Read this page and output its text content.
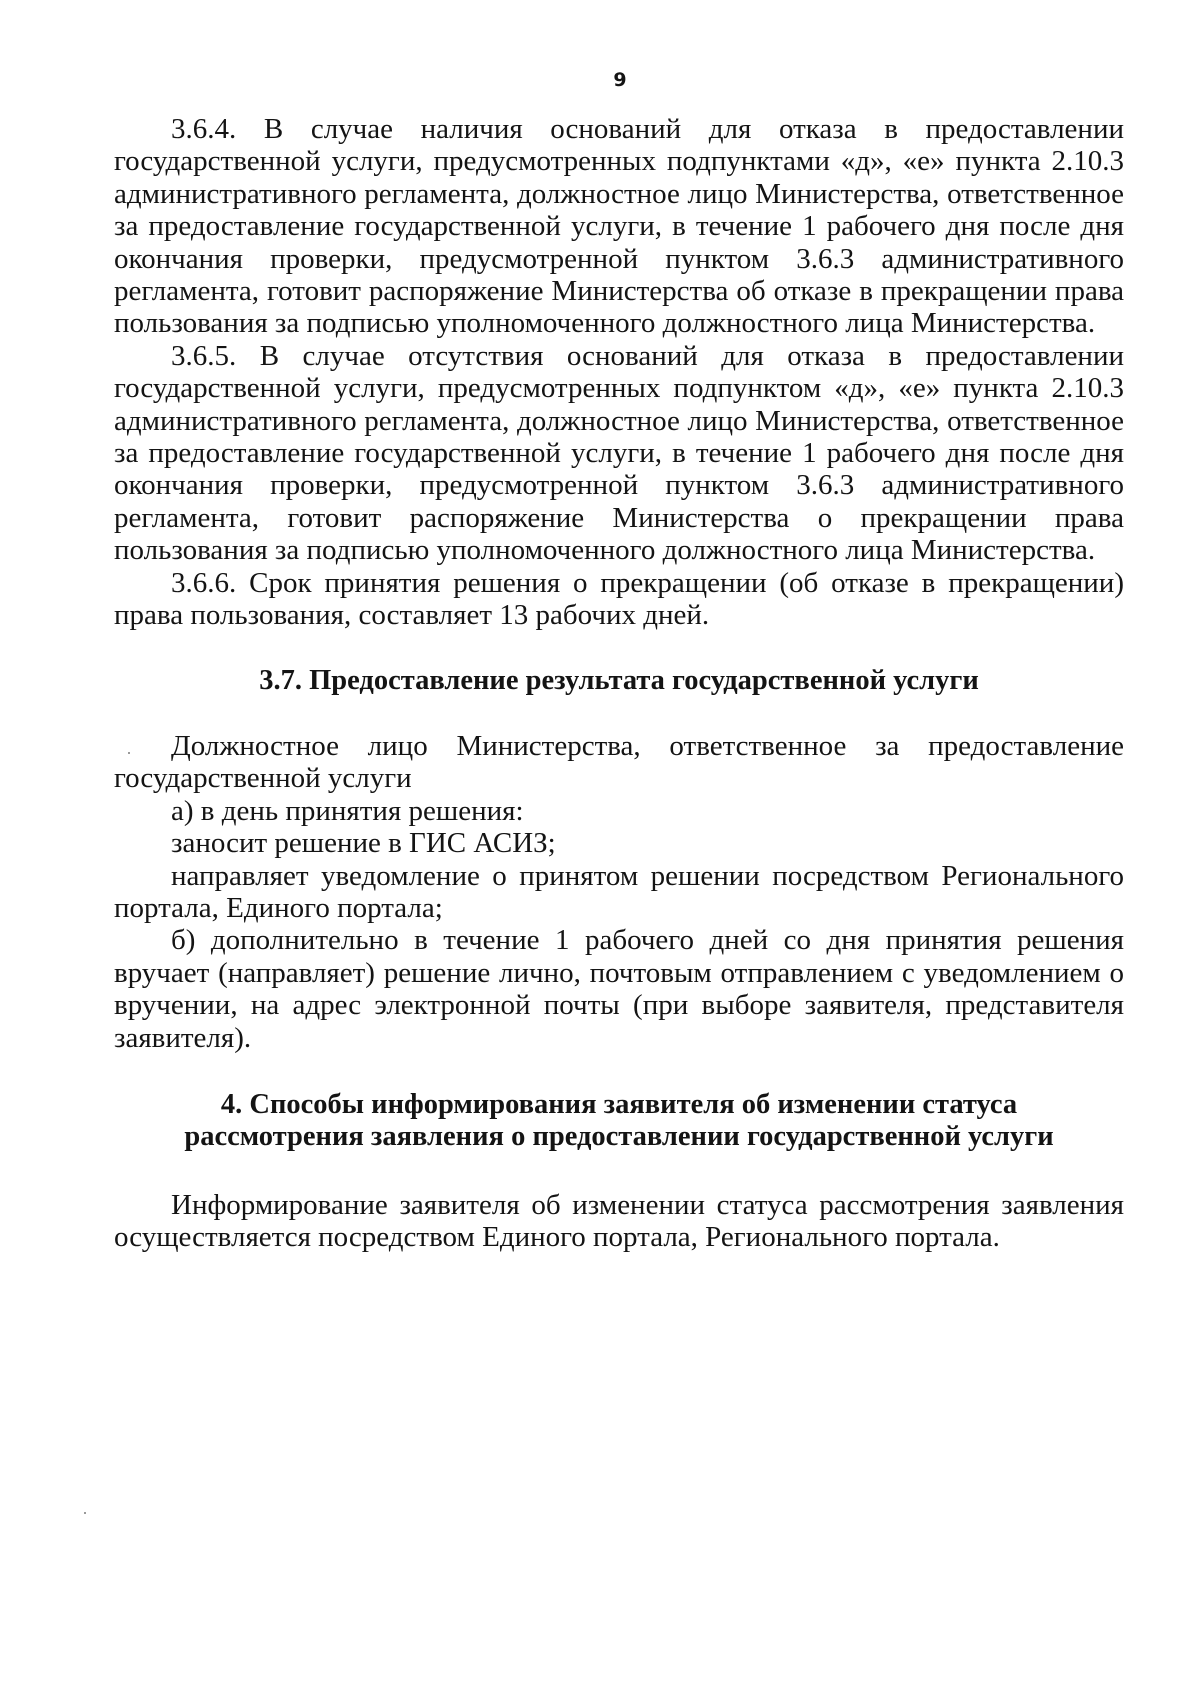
9

3.6.4. В случае наличия оснований для отказа в предоставлении государственной услуги, предусмотренных подпунктами «д», «е» пункта 2.10.3 административного регламента, должностное лицо Министерства, ответственное за предоставление государственной услуги, в течение 1 рабочего дня после дня окончания проверки, предусмотренной пунктом 3.6.3 административного регламента, готовит распоряжение Министерства об отказе в прекращении права пользования за подписью уполномоченного должностного лица Министерства.

3.6.5. В случае отсутствия оснований для отказа в предоставлении государственной услуги, предусмотренных подпунктом «д», «е» пункта 2.10.3 административного регламента, должностное лицо Министерства, ответственное за предоставление государственной услуги, в течение 1 рабочего дня после дня окончания проверки, предусмотренной пунктом 3.6.3 административного регламента, готовит распоряжение Министерства о прекращении права пользования за подписью уполномоченного должностного лица Министерства.

3.6.6. Срок принятия решения о прекращении (об отказе в прекращении) права пользования, составляет 13 рабочих дней.

3.7. Предоставление результата государственной услуги

Должностное лицо Министерства, ответственное за предоставление государственной услуги

а) в день принятия решения:

заносит решение в ГИС АСИЗ;

направляет уведомление о принятом решении посредством Регионального портала, Единого портала;

б) дополнительно в течение 1 рабочего дней со дня принятия решения вручает (направляет) решение лично, почтовым отправлением с уведомлением о вручении, на адрес электронной почты (при выборе заявителя, представителя заявителя).

4. Способы информирования заявителя об изменении статуса
рассмотрения заявления о предоставлении государственной услуги

Информирование заявителя об изменении статуса рассмотрения заявления осуществляется посредством Единого портала, Регионального портала.
